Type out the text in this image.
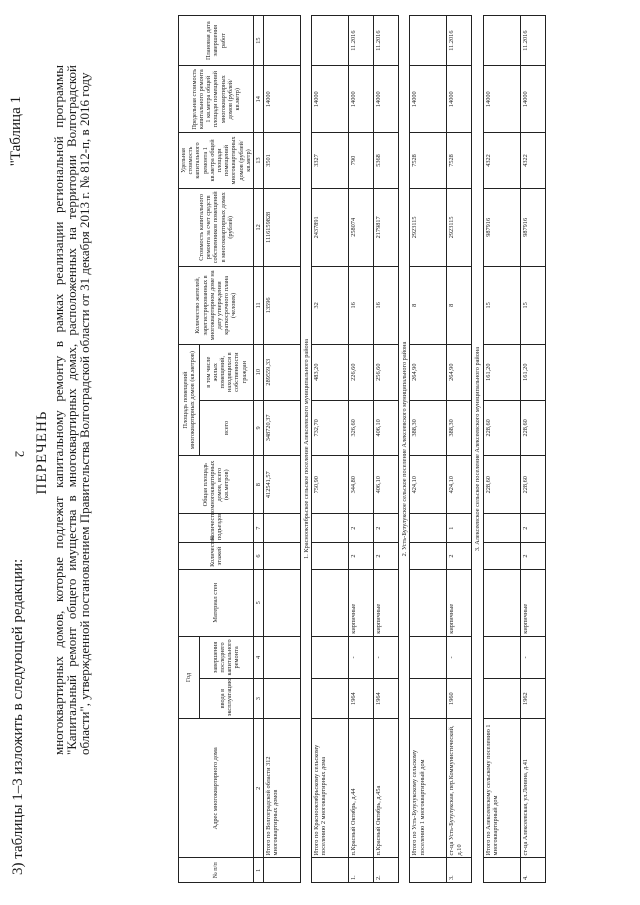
2
3) таблицы 1–3 изложить в следующей редакции:
"Таблица 1
ПЕРЕЧЕНЬ многоквартирных домов, которые подлежат капитальному ремонту в рамках реализации региональной программы "Капитальный ремонт общего имущества в многоквартирных домах, расположенных на территории Волгоградской области", утвержденной постановлением Правительства Волгоградской области от 31 декабря 2013 г. № 812-п, в 2016 году
№ п/п	Адрес многоквартирного дома	Год		Материал стен	Количество этажей	Количество подъездов	Общая площадь многоквартирных домов, всего (кв.метров)	Площадь помещений многоквартирных домов (кв.метров)		Количество жителей, зарегистрированных в многоквартирном доме на дату утверждения краткосрочного плана (человек)	Стоимость капитального ремонта за счет средств собственников помещений в многоквартирных домах (рублей)	Удельная стоимость капитального ремонта 1 кв.метра общей площади помещений многоквартирных домов (рублей/кв.метр)	Предельная стоимость капитального ремонта 1 кв.метра общей площади помещений многоквартирных домов (рублей/кв.метр)	Плановая дата завершения работ
		ввода в эксплуатацию	завершения последнего капитального ремонта					всего	в том числе жилых помещений, находящихся в собственности граждан					
1	2	3	4	5	6	7	8	9	10	11	12	13	14	15
	Итого по Волгоградской области 312 многоквартирных домов						412541,57	348720,37	289559,33	13596	1116159828	3501	14000	
1. Краснооктябрьское сельское поселение Алексеевского муниципального района														
	Итого по Краснооктябрьскому сельскому поселению 2 многоквартирных дома						750,90	732,70	483,20	32	2437891	3327	14000	
1.	п.Красный Октябрь, д.44	1964	-	кирпичные	2	2	344,80	326,60	226,60	16	258074	790	14000	11.2016
2.	п.Красный Октябрь, д.45а	1964	-	кирпичные	2	2	406,10	406,10	256,60	16	2179817	5368	14000	11.2016
2. Усть-Бузулукское сельское поселение Алексеевского муниципального района														
	Итого по Усть-Бузулукскому сельскому поселению 1 многоквартирный дом						424,10	388,30	264,90	8	2923115	7528	14000	
3.	ст-ца Усть-Бузулукская, пер.Коммунистический, д.10	1960	-	кирпичные	2	1	424,10	388,30	264,90	8	2923115	7528	14000	11.2016
3. Алексеевское сельское поселение Алексеевского муниципального района														
	Итого по Алексеевскому сельскому поселению 1 многоквартирный дом						228,60	228,60	161,20	15	987916	4322	14000	
4.	ст-ца Алексеевская, ул.Ленина, д.41	1962	-	кирпичные	2	2	228,60	228,60	161,20	15	987916	4322	14000	11.2016
